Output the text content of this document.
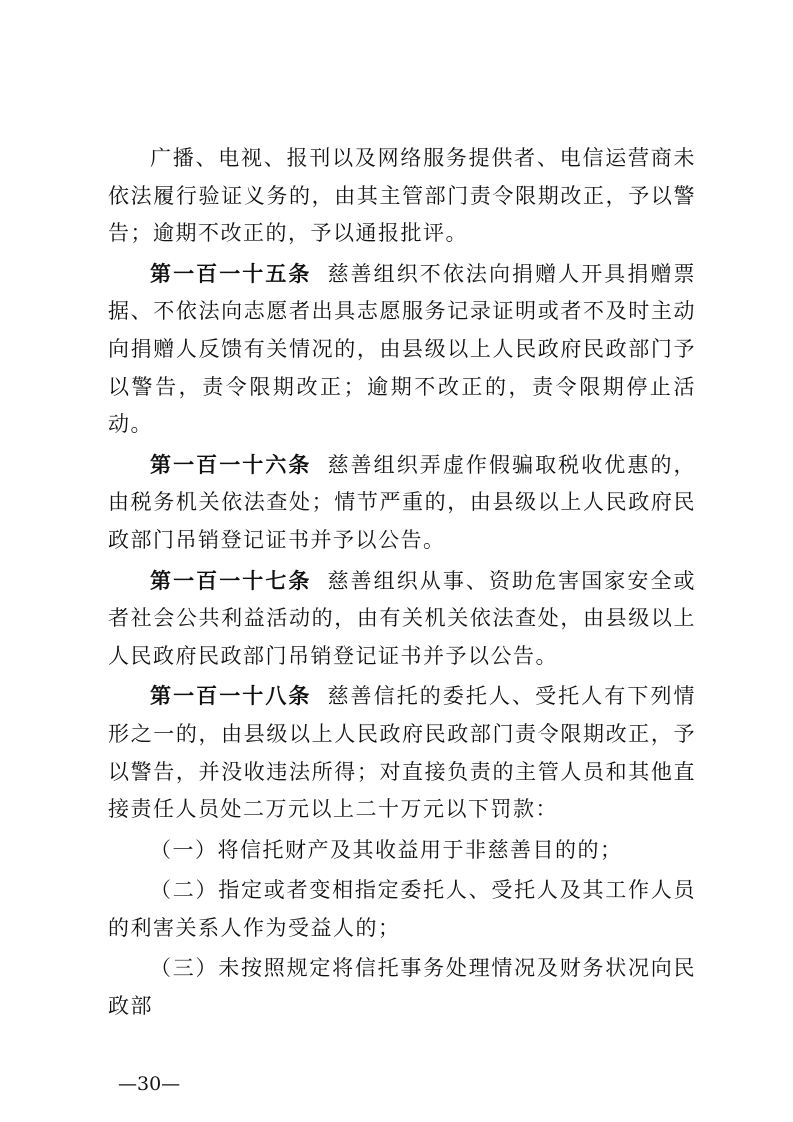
广播、电视、报刊以及网络服务提供者、电信运营商未依法履行验证义务的，由其主管部门责令限期改正，予以警告；逾期不改正的，予以通报批评。

第一百一十五条 慈善组织不依法向捐赠人开具捐赠票据、不依法向志愿者出具志愿服务记录证明或者不及时主动向捐赠人反馈有关情况的，由县级以上人民政府民政部门予以警告，责令限期改正；逾期不改正的，责令限期停止活动。

第一百一十六条 慈善组织弄虚作假骗取税收优惠的，由税务机关依法查处；情节严重的，由县级以上人民政府民政部门吊销登记证书并予以公告。

第一百一十七条 慈善组织从事、资助危害国家安全或者社会公共利益活动的，由有关机关依法查处，由县级以上人民政府民政部门吊销登记证书并予以公告。

第一百一十八条 慈善信托的委托人、受托人有下列情形之一的，由县级以上人民政府民政部门责令限期改正，予以警告，并没收违法所得；对直接负责的主管人员和其他直接责任人员处二万元以上二十万元以下罚款：

（一）将信托财产及其收益用于非慈善目的的；

（二）指定或者变相指定委托人、受托人及其工作人员的利害关系人作为受益人的；

（三）未按照规定将信托事务处理情况及财务状况向民政部

—30—
